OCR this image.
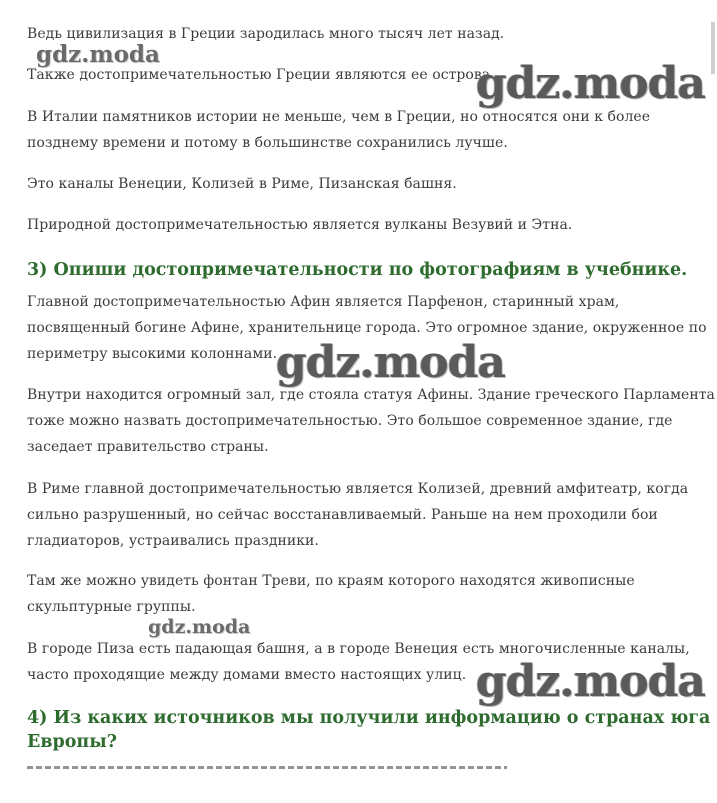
Ведь цивилизация в Греции зародилась много тысяч лет назад.

Также достопримечательностью Греции являются ее острова.

В Италии памятников истории не меньше, чем в Греции, но относятся они к более

позднему времени и потому в большинстве сохранились лучше.

Это каналы Венеции, Колизей в Риме, Пизанская башня.

Природной достопримечательностью является вулканы Везувий и Этна.

3) Опиши достопримечательности по фотографиям в учебнике.

Главной достопримечательностью Афин является Парфенон, старинный храм,

посвященный богине Афине, хранительнице города. Это огромное здание, окруженное по

периметру высокими колоннами.

Внутри находится огромный зал, где стояла статуя Афины. Здание греческого Парламента

тоже можно назвать достопримечательностью. Это большое современное здание, где

заседает правительство страны.

В Риме главной достопримечательностью является Колизей, древний амфитеатр, когда

сильно разрушенный, но сейчас восстанавливаемый. Раньше на нем проходили бои

гладиаторов, устраивались праздники.

Там же можно увидеть фонтан Треви, по краям которого находятся живописные

скульптурные группы.

В городе Пиза есть падающая башня, а в городе Венеция есть многочисленные каналы,

часто проходящие между домами вместо настоящих улиц.

4) Из каких источников мы получили информацию о странах юга
Европы?
gdz.moda
gdz.moda
gdz.moda
gdz.moda
gdz.moda
